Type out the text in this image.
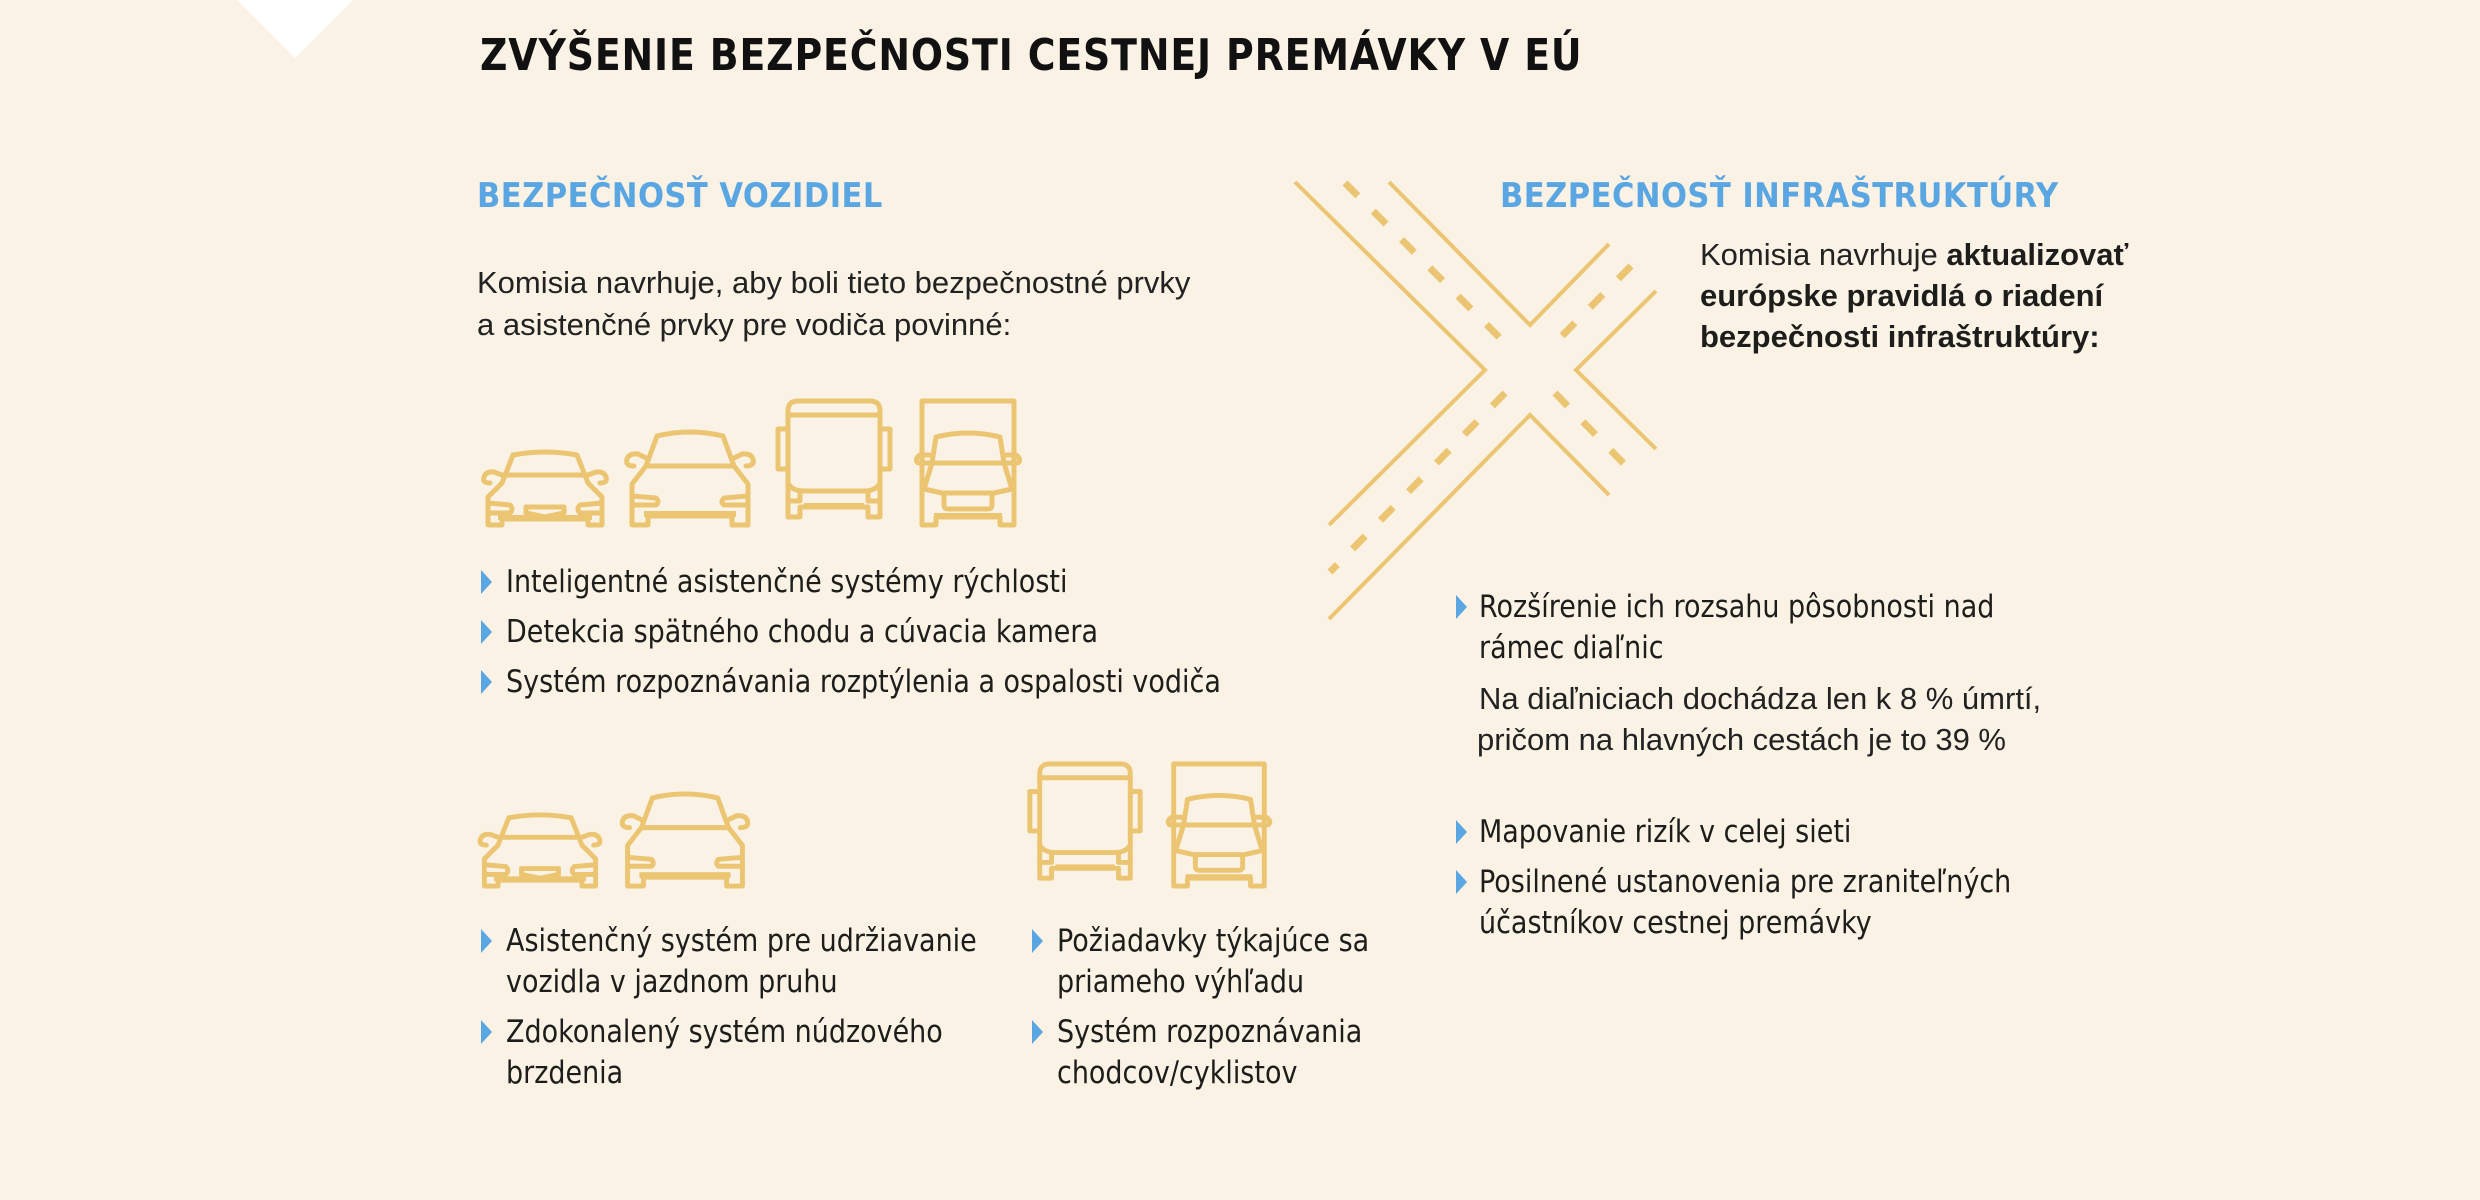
ZVÝŠENIE BEZPEČNOSTI CESTNEJ PREMÁVKY V EÚ
BEZPEČNOSŤ VOZIDIEL
Komisia navrhuje, aby boli tieto bezpečnostné prvky
a asistenčné prvky pre vodiča povinné:
Inteligentné asistenčné systémy rýchlosti
Detekcia spätného chodu a cúvacia kamera
Systém rozpoznávania rozptýlenia a ospalosti vodiča
Asistenčný systém pre udržiavanie
vozidla v jazdnom pruhu
Zdokonalený systém núdzového
brzdenia
Požiadavky týkajúce sa
priameho výhľadu
Systém rozpoznávania
chodcov/cyklistov
BEZPEČNOSŤ INFRAŠTRUKTÚRY
Komisia navrhuje aktualizovať
európske pravidlá o riadení
bezpečnosti infraštruktúry:
Rozšírenie ich rozsahu pôsobnosti nad
rámec diaľnic
Na diaľniciach dochádza len k 8 % úmrtí,
pričom na hlavných cestách je to 39 %
Mapovanie rizík v celej sieti
Posilnené ustanovenia pre zraniteľných
účastníkov cestnej premávky
